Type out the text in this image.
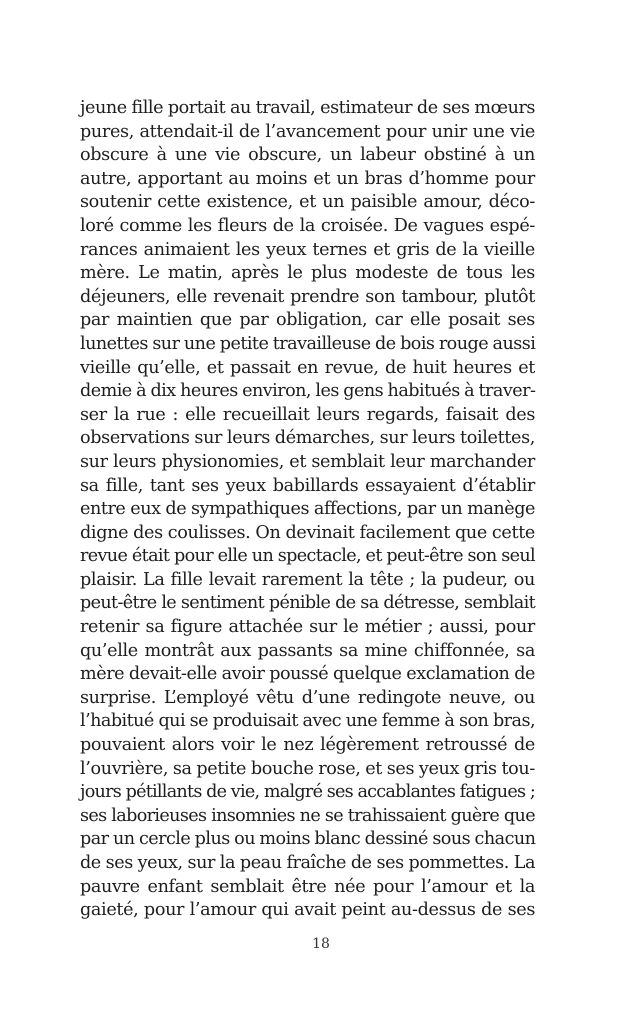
jeune fille portait au travail, estimateur de ses mœurs
pures, attendait-il de l’avancement pour unir une vie
obscure à une vie obscure, un labeur obstiné à un
autre, apportant au moins et un bras d’homme pour
soutenir cette existence, et un paisible amour, déco-
loré comme les fleurs de la croisée. De vagues espé-
rances animaient les yeux ternes et gris de la vieille
mère. Le matin, après le plus modeste de tous les
déjeuners, elle revenait prendre son tambour, plutôt
par maintien que par obligation, car elle posait ses
lunettes sur une petite travailleuse de bois rouge aussi
vieille qu’elle, et passait en revue, de huit heures et
demie à dix heures environ, les gens habitués à traver-
ser la rue : elle recueillait leurs regards, faisait des
observations sur leurs démarches, sur leurs toilettes,
sur leurs physionomies, et semblait leur marchander
sa fille, tant ses yeux babillards essayaient d’établir
entre eux de sympathiques affections, par un manège
digne des coulisses. On devinait facilement que cette
revue était pour elle un spectacle, et peut-être son seul
plaisir. La fille levait rarement la tête ; la pudeur, ou
peut-être le sentiment pénible de sa détresse, semblait
retenir sa figure attachée sur le métier ; aussi, pour
qu’elle montrât aux passants sa mine chiffonnée, sa
mère devait-elle avoir poussé quelque exclamation de
surprise. L’employé vêtu d’une redingote neuve, ou
l’habitué qui se produisait avec une femme à son bras,
pouvaient alors voir le nez légèrement retroussé de
l’ouvrière, sa petite bouche rose, et ses yeux gris tou-
jours pétillants de vie, malgré ses accablantes fatigues ;
ses laborieuses insomnies ne se trahissaient guère que
par un cercle plus ou moins blanc dessiné sous chacun
de ses yeux, sur la peau fraîche de ses pommettes. La
pauvre enfant semblait être née pour l’amour et la
gaieté, pour l’amour qui avait peint au-dessus de ses
18
